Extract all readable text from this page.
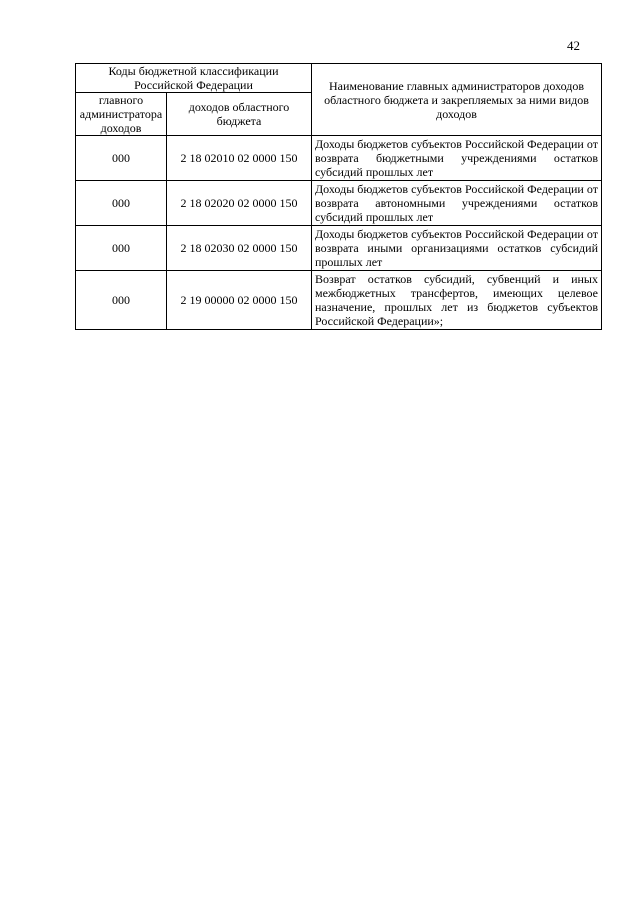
42
Коды бюджетной классификации Российской Федерации		Наименование главных администраторов доходов областного бюджета и закрепляемых за ними видов доходов
главного администратора доходов	доходов областного бюджета	
000	2 18 02010 02 0000 150	Доходы бюджетов субъектов Российской Федерации от возврата бюджетными учреждениями остатков субсидий прошлых лет
000	2 18 02020 02 0000 150	Доходы бюджетов субъектов Российской Федерации от возврата автономными учреждениями остатков субсидий прошлых лет
000	2 18 02030 02 0000 150	Доходы бюджетов субъектов Российской Федерации от возврата иными организациями остатков субсидий прошлых лет
000	2 19 00000 02 0000 150	Возврат остатков субсидий, субвенций и иных межбюджетных трансфертов, имеющих целевое назначение, прошлых лет из бюджетов субъектов Российской Федерации»;
